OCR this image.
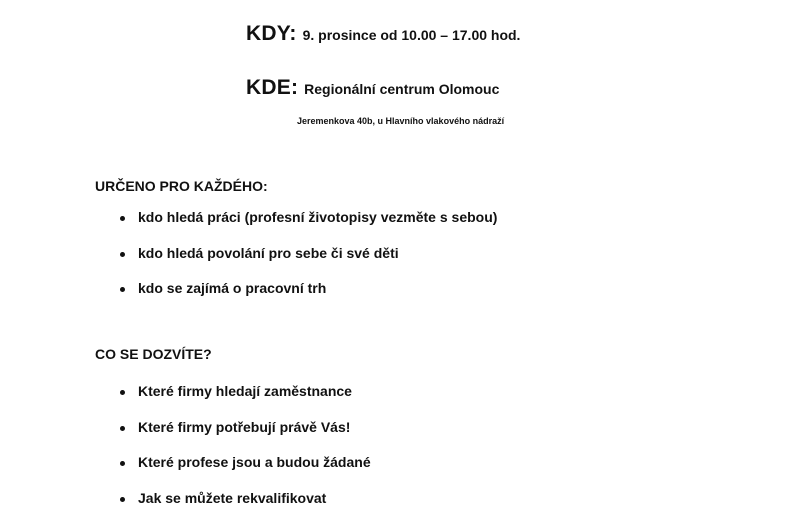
KDY: 9. prosince od 10.00 – 17.00 hod.
KDE: Regionální centrum Olomouc
Jeremenkova 40b, u Hlavního vlakového nádraží
URČENO PRO KAŽDÉHO:
kdo hledá práci (profesní životopisy vezměte s sebou)
kdo hledá povolání pro sebe či své děti
kdo se zajímá o pracovní trh
CO SE DOZVÍTE?
Které firmy hledají zaměstnance
Které firmy potřebují právě Vás!
Které profese jsou a budou žádané
Jak se můžete rekvalifikovat
